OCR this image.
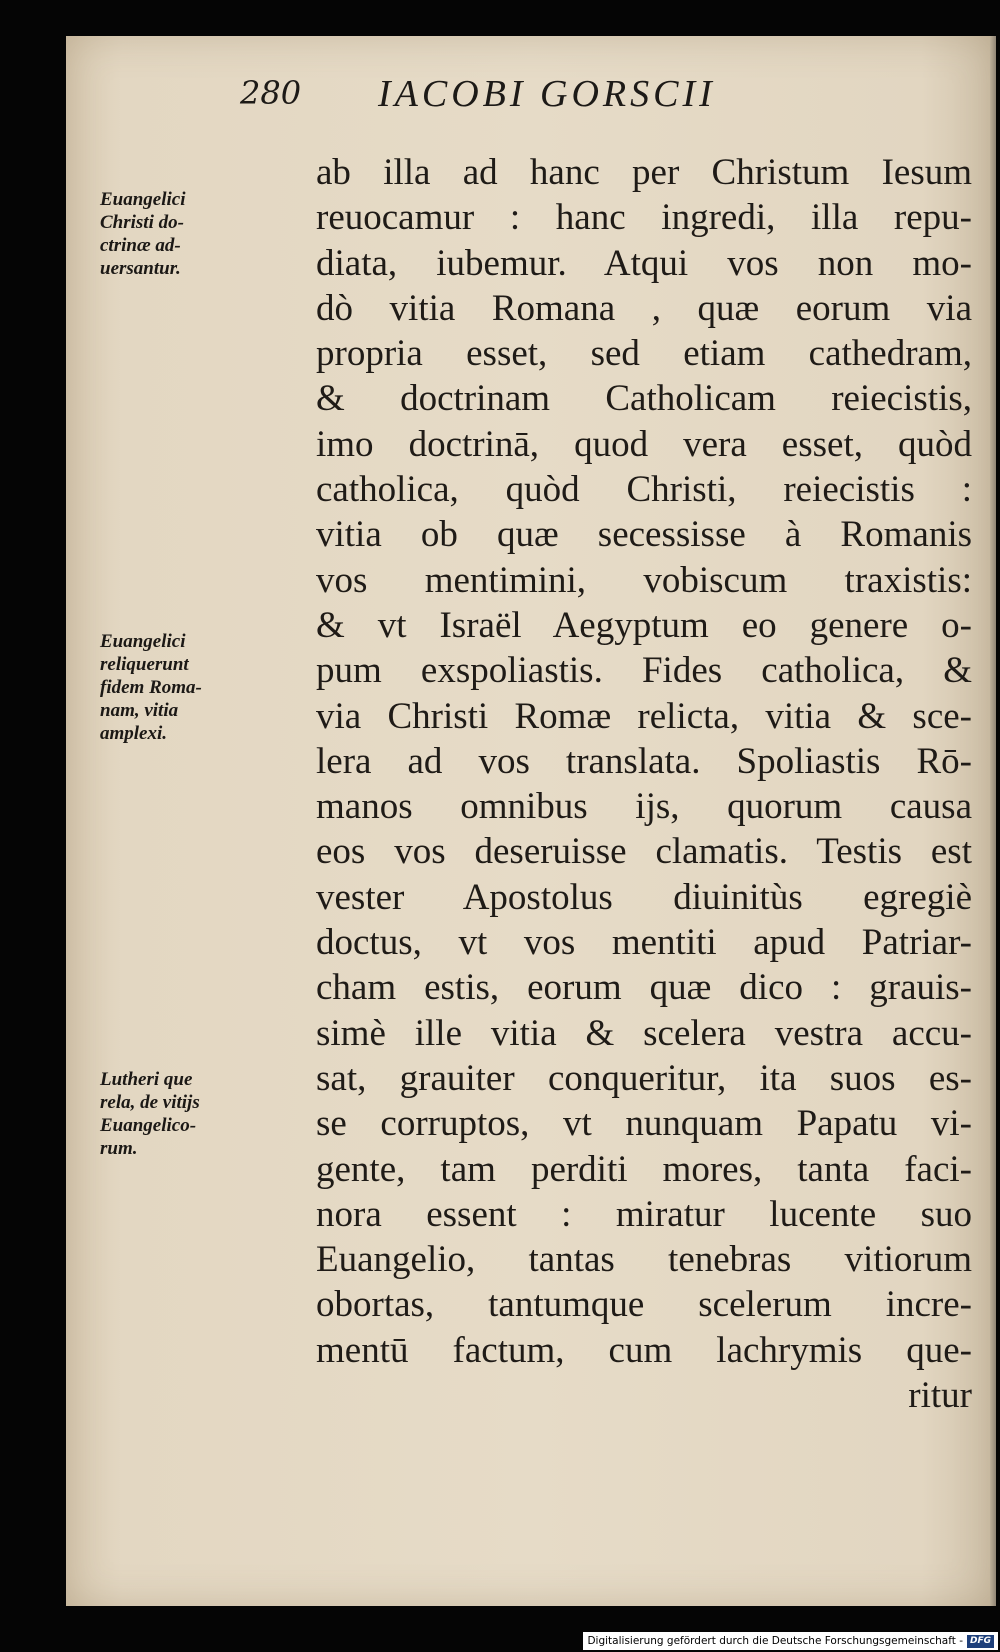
280 IACOBI GORSCII
Euangelici
Christi do-
ctrinæ ad-
uersantur.
Euangelici
reliquerunt
fidem Roma-
nam, vitia
amplexi.
Lutheri que
rela, de vitijs
Euangelico-
rum.
ab illa ad hanc per Christum Iesum
reuocamur : hanc ingredi, illa repu-
diata, iubemur. Atqui vos non mo-
dò vitia Romana , quæ eorum via
propria esset, sed etiam cathedram,
& doctrinam Catholicam reiecistis,
imo doctrinā, quod vera esset, quòd
catholica, quòd Christi, reiecistis :
vitia ob quæ secessisse à Romanis
vos mentimini, vobiscum traxistis:
& vt Israël Aegyptum eo genere o-
pum exspoliastis. Fides catholica, &
via Christi Romæ relicta, vitia & sce-
lera ad vos translata. Spoliastis Rō-
manos omnibus ijs, quorum causa
eos vos deseruisse clamatis. Testis est
vester Apostolus diuinitùs egregiè
doctus, vt vos mentiti apud Patriar-
cham estis, eorum quæ dico : grauis-
simè ille vitia & scelera vestra accu-
sat, grauiter conqueritur, ita suos es-
se corruptos, vt nunquam Papatu vi-
gente, tam perditi mores, tanta faci-
nora essent : miratur lucente suo
Euangelio, tantas tenebras vitiorum
obortas, tantumque scelerum incre-
mentū factum, cum lachrymis que-
ritur
Digitalisierung gefördert durch die Deutsche Forschungsgemeinschaft - DFG
